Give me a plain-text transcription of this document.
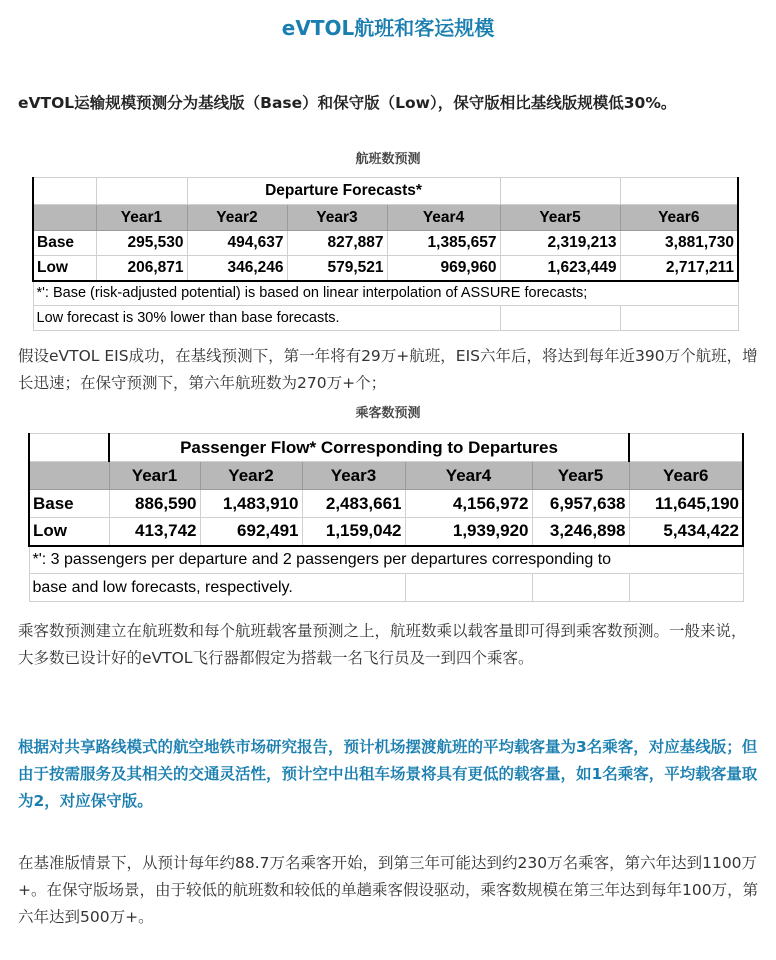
eVTOL航班和客运规模
eVTOL运输规模预测分为基线版（Base）和保守版（Low），保守版相比基线版规模低30%。
航班数预测
		Departure Forecasts*				
	Year1	Year2	Year3	Year4	Year5	Year6
Base	295,530	494,637	827,887	1,385,657	2,319,213	3,881,730
Low	206,871	346,246	579,521	969,960	1,623,449	2,717,211
*': Base (risk-adjusted potential) is based on linear interpolation of ASSURE forecasts;						
Low forecast is 30% lower than base forecasts.						
假设eVTOL EIS成功，在基线预测下，第一年将有29万+航班，EIS六年后，将达到每年近390万个航班，增长迅速；在保守预测下，第六年航班数为270万+个；
乘客数预测
	Passenger Flow* Corresponding to Departures					
	Year1	Year2	Year3	Year4	Year5	Year6
Base	886,590	1,483,910	2,483,661	4,156,972	6,957,638	11,645,190
Low	413,742	692,491	1,159,042	1,939,920	3,246,898	5,434,422
*': 3 passengers per departure and 2 passengers per departures corresponding to						
base and low forecasts, respectively.						
乘客数预测建立在航班数和每个航班载客量预测之上，航班数乘以载客量即可得到乘客数预测。一般来说，大多数已设计好的eVTOL飞行器都假定为搭载一名飞行员及一到四个乘客。
根据对共享路线模式的航空地铁市场研究报告，预计机场摆渡航班的平均载客量为3名乘客，对应基线版；但由于按需服务及其相关的交通灵活性，预计空中出租车场景将具有更低的载客量，如1名乘客，平均载客量取为2，对应保守版。
在基准版情景下，从预计每年约88.7万名乘客开始，到第三年可能达到约230万名乘客，第六年达到1100万+。在保守版场景，由于较低的航班数和较低的单趟乘客假设驱动，乘客数规模在第三年达到每年100万，第六年达到500万+。
